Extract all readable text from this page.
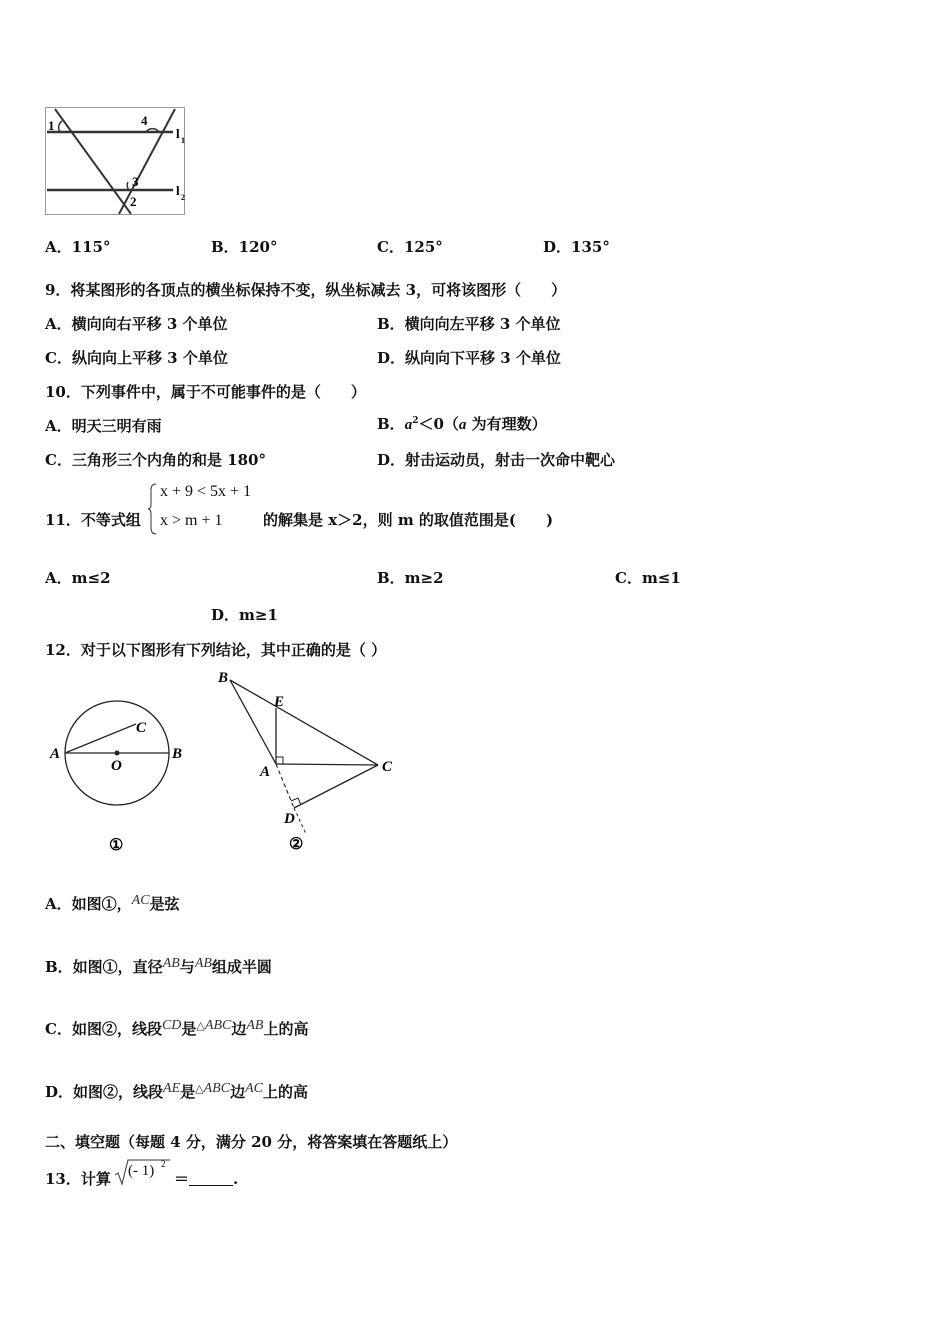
1	4
l 1
3
l 2
2
A．115°	B．120°	C．125°	D．135°
9．将某图形的各顶点的横坐标保持不变，纵坐标减去 3，可将该图形（　　）
A．横向向右平移 3 个单位	B．横向向左平移 3 个单位
C．纵向向上平移 3 个单位	D．纵向向下平移 3 个单位
10．下列事件中，属于不可能事件的是（　　）
A．明天三明有雨	B．$a^2<0(a$ 为有理数）
C．三角形三个内角的和是 180°	D．射击运动员，射击一次命中靶心
11．不等式组
x + 9 < 5x + 1
x > m + 1	的解集是 x＞2，则 m 的取值范围是(　　)
A．m≤2	B．m≥2	C．m≤1
D．m≥1
12．对于以下图形有下列结论，其中正确的是（ ）
A	B
C
O
①
B
E
A	C
D
②
A．如图①，AC是弦
B．如图①，直径AB与AB组成半圆
C．如图②，线段CD是△ABC边AB上的高
D．如图②，线段AE是△ABC边AC上的高
二、填空题（每题 4 分，满分 20 分，将答案填在答题纸上）
13．计算 (- 1) 2
＝	.
